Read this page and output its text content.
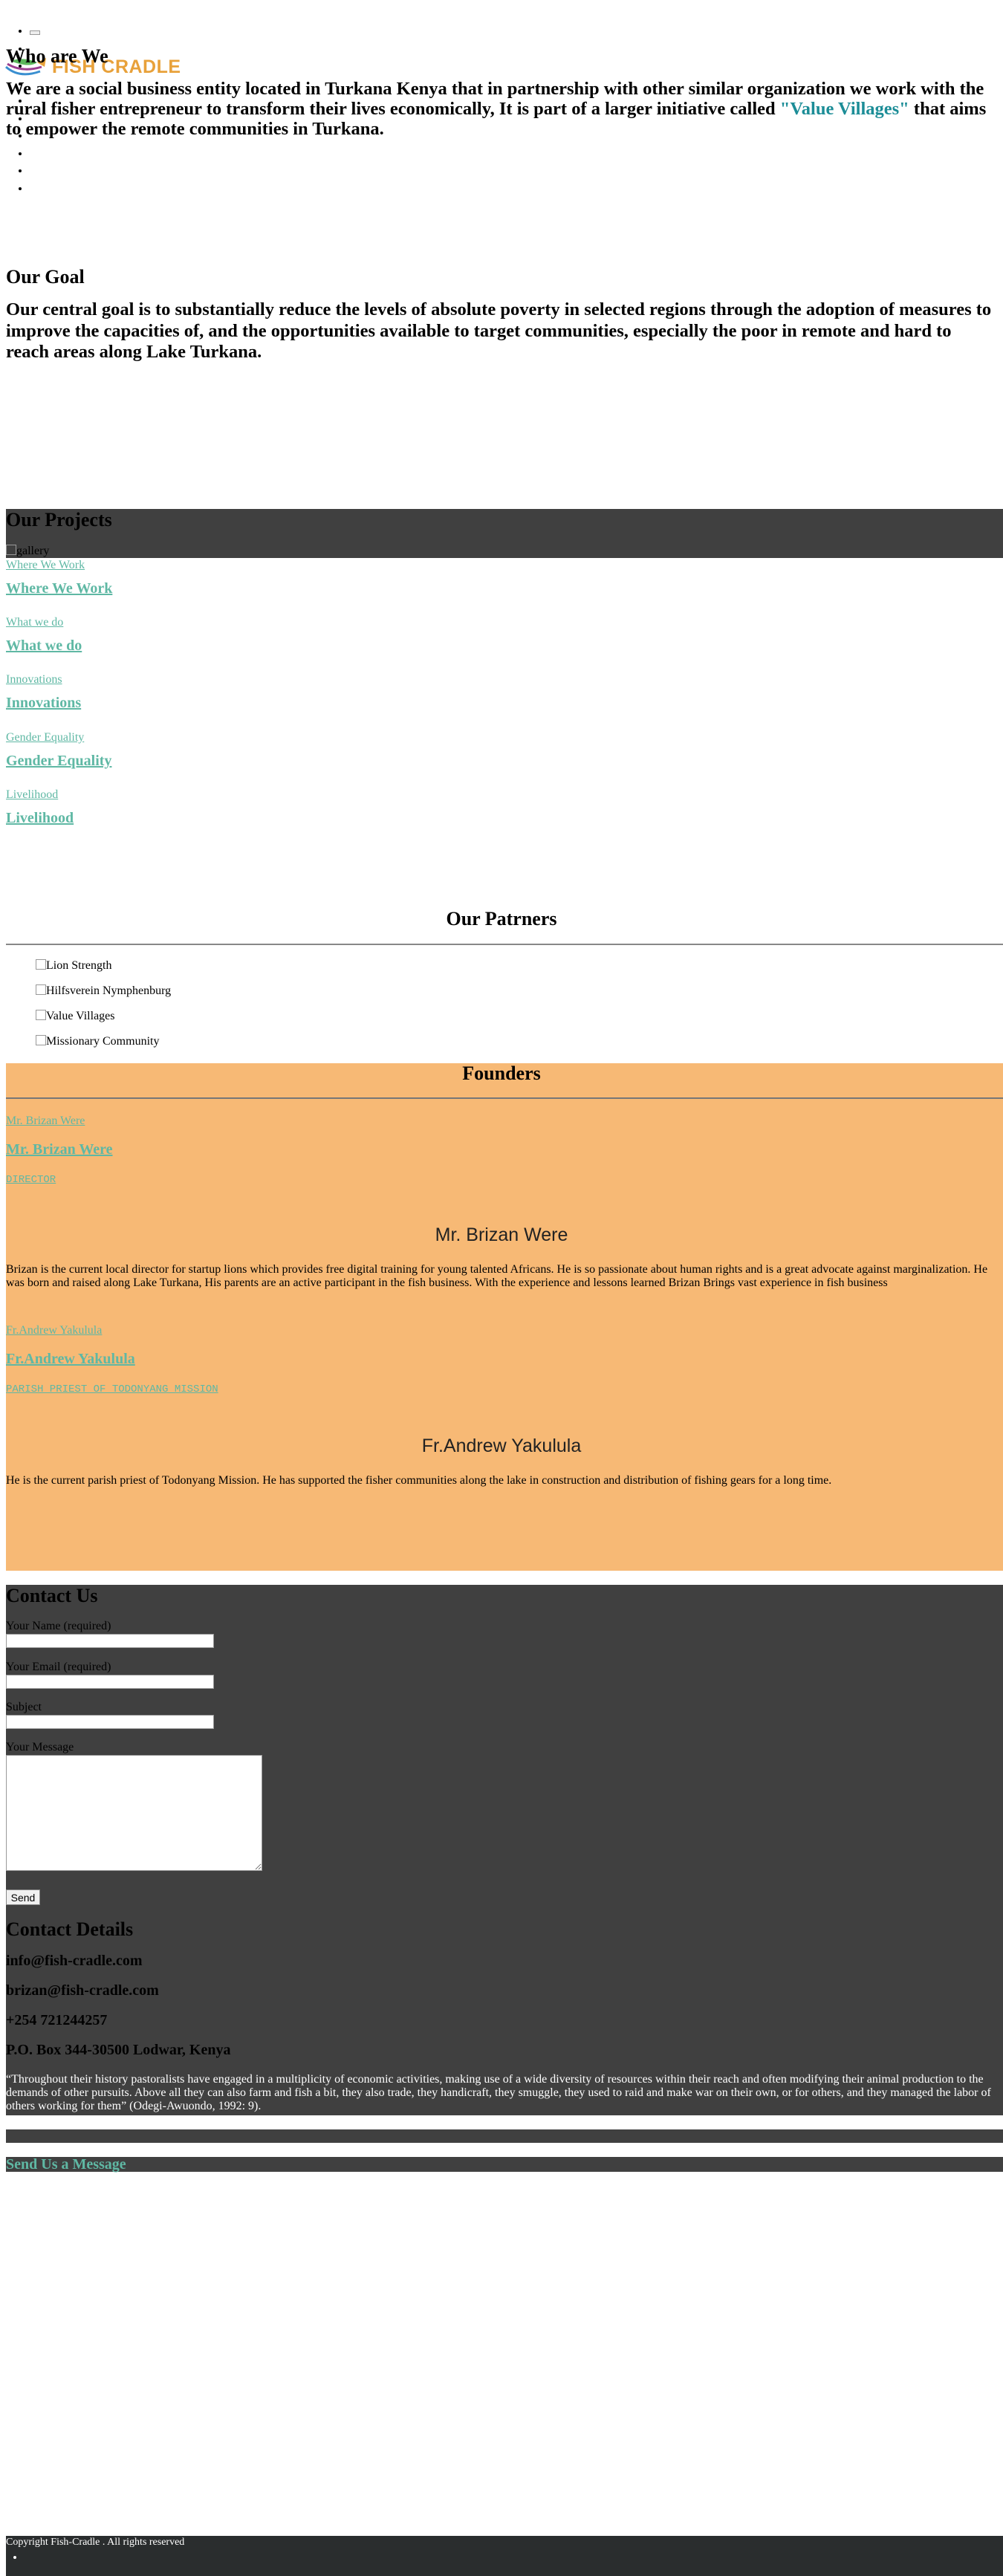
•
•
•
•
•
•
•
•
•
•
FISH CRADLE
Who are We
We are a social business entity located in Turkana Kenya that in partnership with other similar organization we work with the rural fisher entrepreneur to transform their lives economically, It is part of a larger initiative called "Value Villages" that aims to empower the remote communities in Turkana.
Our Goal
Our central goal is to substantially reduce the levels of absolute poverty in selected regions through the adoption of measures to improve the capacities of, and the opportunities available to target communities, especially the poor in remote and hard to reach areas along Lake Turkana.
Our Projects
gallery
Where We Work
Where We Work
What we do
What we do
Innovations
Innovations
Gender Equality
Gender Equality
Livelihood
Livelihood
Our Patrners
Lion Strength
Hilfsverein Nymphenburg
Value Villages
Missionary Community
Founders
Mr. Brizan Were
Mr. Brizan Were
DIRECTOR
Mr. Brizan Were
Brizan is the current local director for startup lions which provides free digital training for young talented Africans. He is so passionate about human rights and is a great advocate against marginalization. He was born and raised along Lake Turkana, His parents are an active participant in the fish business. With the experience and lessons learned Brizan Brings vast experience in fish business
Fr.Andrew Yakulula
Fr.Andrew Yakulula
PARISH PRIEST OF TODONYANG MISSION
Fr.Andrew Yakulula
He is the current parish priest of Todonyang Mission. He has supported the fisher communities along the lake in construction and distribution of fishing gears for a long time.
Contact Us
Your Name (required)
Your Email (required)
Subject
Your Message
Send
Contact Details
info@fish-cradle.com
brizan@fish-cradle.com
+254 721244257
P.O. Box 344-30500 Lodwar, Kenya
“Throughout their history pastoralists have engaged in a multiplicity of economic activities, making use of a wide diversity of resources within their reach and often modifying their animal production to the demands of other pursuits. Above all they can also farm and fish a bit, they also trade, they handicraft, they smuggle, they used to raid and make war on their own, or for others, and they managed the labor of others working for them” (Odegi-Awuondo, 1992: 9).
Send Us a Message
Copyright Fish-Cradle . All rights reserved
